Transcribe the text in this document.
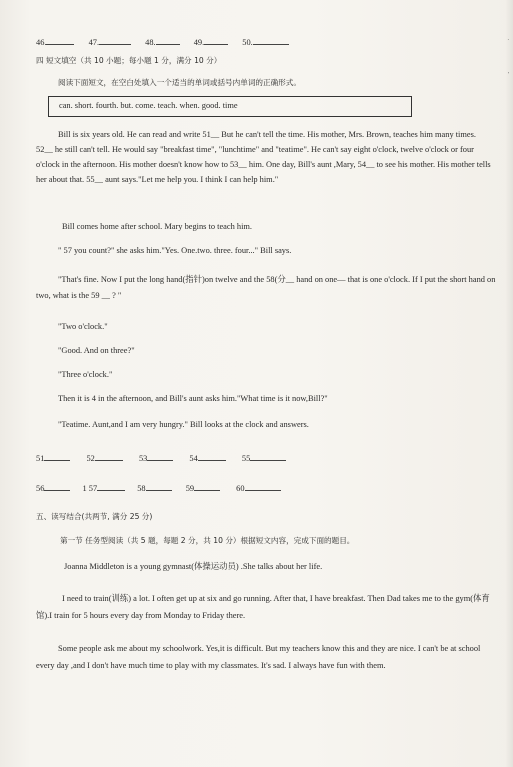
46.	47.	48.	49.	50.
四 短文填空（共 10 小题；每小题 1 分，满分 10 分）
阅读下面短文，在空白处填入一个适当的单词或括号内单词的正确形式。
can. short. fourth. but. come. teach. when. good. time
Bill is six years old. He can read and write 51__ But he can't tell the time. His mother, Mrs. Brown, teaches him many times. 52__ he still can't tell. He would say "breakfast time", "lunchtime" and "teatime". He can't say eight o'clock, twelve o'clock or four o'clock in the afternoon. His mother doesn't know how to 53__ him. One day, Bill's aunt ,Mary, 54__ to see his mother. His mother tells her about that. 55__ aunt says."Let me help you. I think I can help him."
Bill comes home after school. Mary begins to teach him.
" 57 you count?" she asks him."Yes. One.two. three. four..." Bill says.
"That's fine. Now I put the long hand(指针)on twelve and the 58(分__ hand on one— that is one o'clock. If I put the short hand on two, what is the 59 __ ? "
"Two o'clock."
"Good. And on three?"
"Three o'clock."
Then it is 4 in the afternoon, and Bill's aunt asks him."What time is it now,Bill?"
"Teatime. Aunt,and I am very hungry." Bill looks at the clock and answers.
51	52	53	54	55
56	1 57	58	59	60
五、读写结合(共两节, 满分 25 分)
第一节 任务型阅读（共 5 题，每题 2 分，共 10 分）根据短文内容，完成下面的题目。
Joanna Middleton is a young gymnast(体操运动员) .She talks about her life.
I need to train(训练) a lot. I often get up at six and go running. After that, I have breakfast. Then Dad takes me to the gym(体育馆).I train for 5 hours every day from Monday to Friday there.
Some people ask me about my schoolwork. Yes,it is difficult. But my teachers know this and they are nice. I can't be at school every day ,and I don't have much time to play with my classmates. It's sad. I always have fun with them.
